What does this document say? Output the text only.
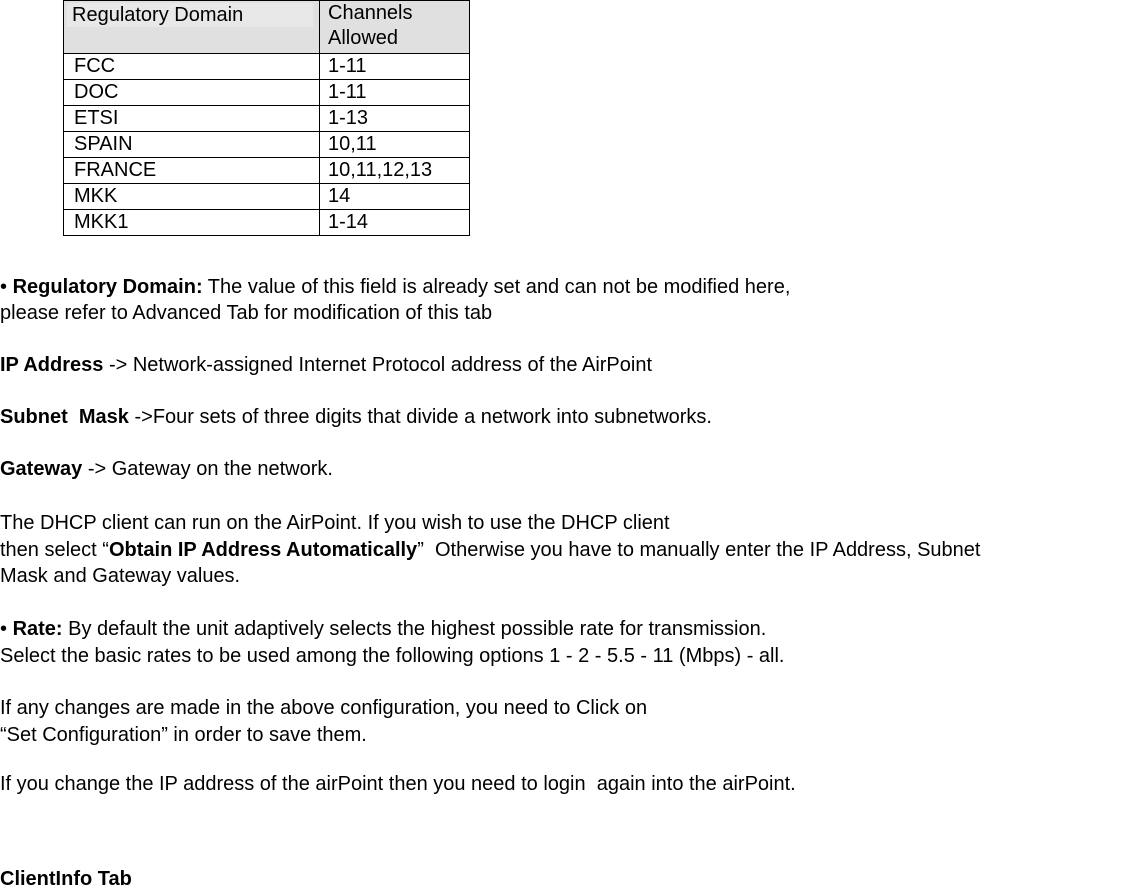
Regulatory Domain	Channels Allowed
FCC	1-11
DOC	1-11
ETSI	1-13
SPAIN	10,11
FRANCE	10,11,12,13
MKK	14
MKK1	1-14

• Regulatory Domain: The value of this field is already set and can not be modified here,

please refer to Advanced Tab for modification of this tab

IP Address -> Network-assigned Internet Protocol address of the AirPoint

Subnet  Mask ->Four sets of three digits that divide a network into subnetworks.

Gateway -> Gateway on the network.

The DHCP client can run on the AirPoint. If you wish to use the DHCP client

then select “Obtain IP Address Automatically”  Otherwise you have to manually enter the IP Address, Subnet

Mask and Gateway values.

• Rate: By default the unit adaptively selects the highest possible rate for transmission.

Select the basic rates to be used among the following options 1 - 2 - 5.5 - 11 (Mbps) - all.

If any changes are made in the above configuration, you need to Click on

“Set Configuration” in order to save them.

If you change the IP address of the airPoint then you need to login  again into the airPoint.

ClientInfo Tab
